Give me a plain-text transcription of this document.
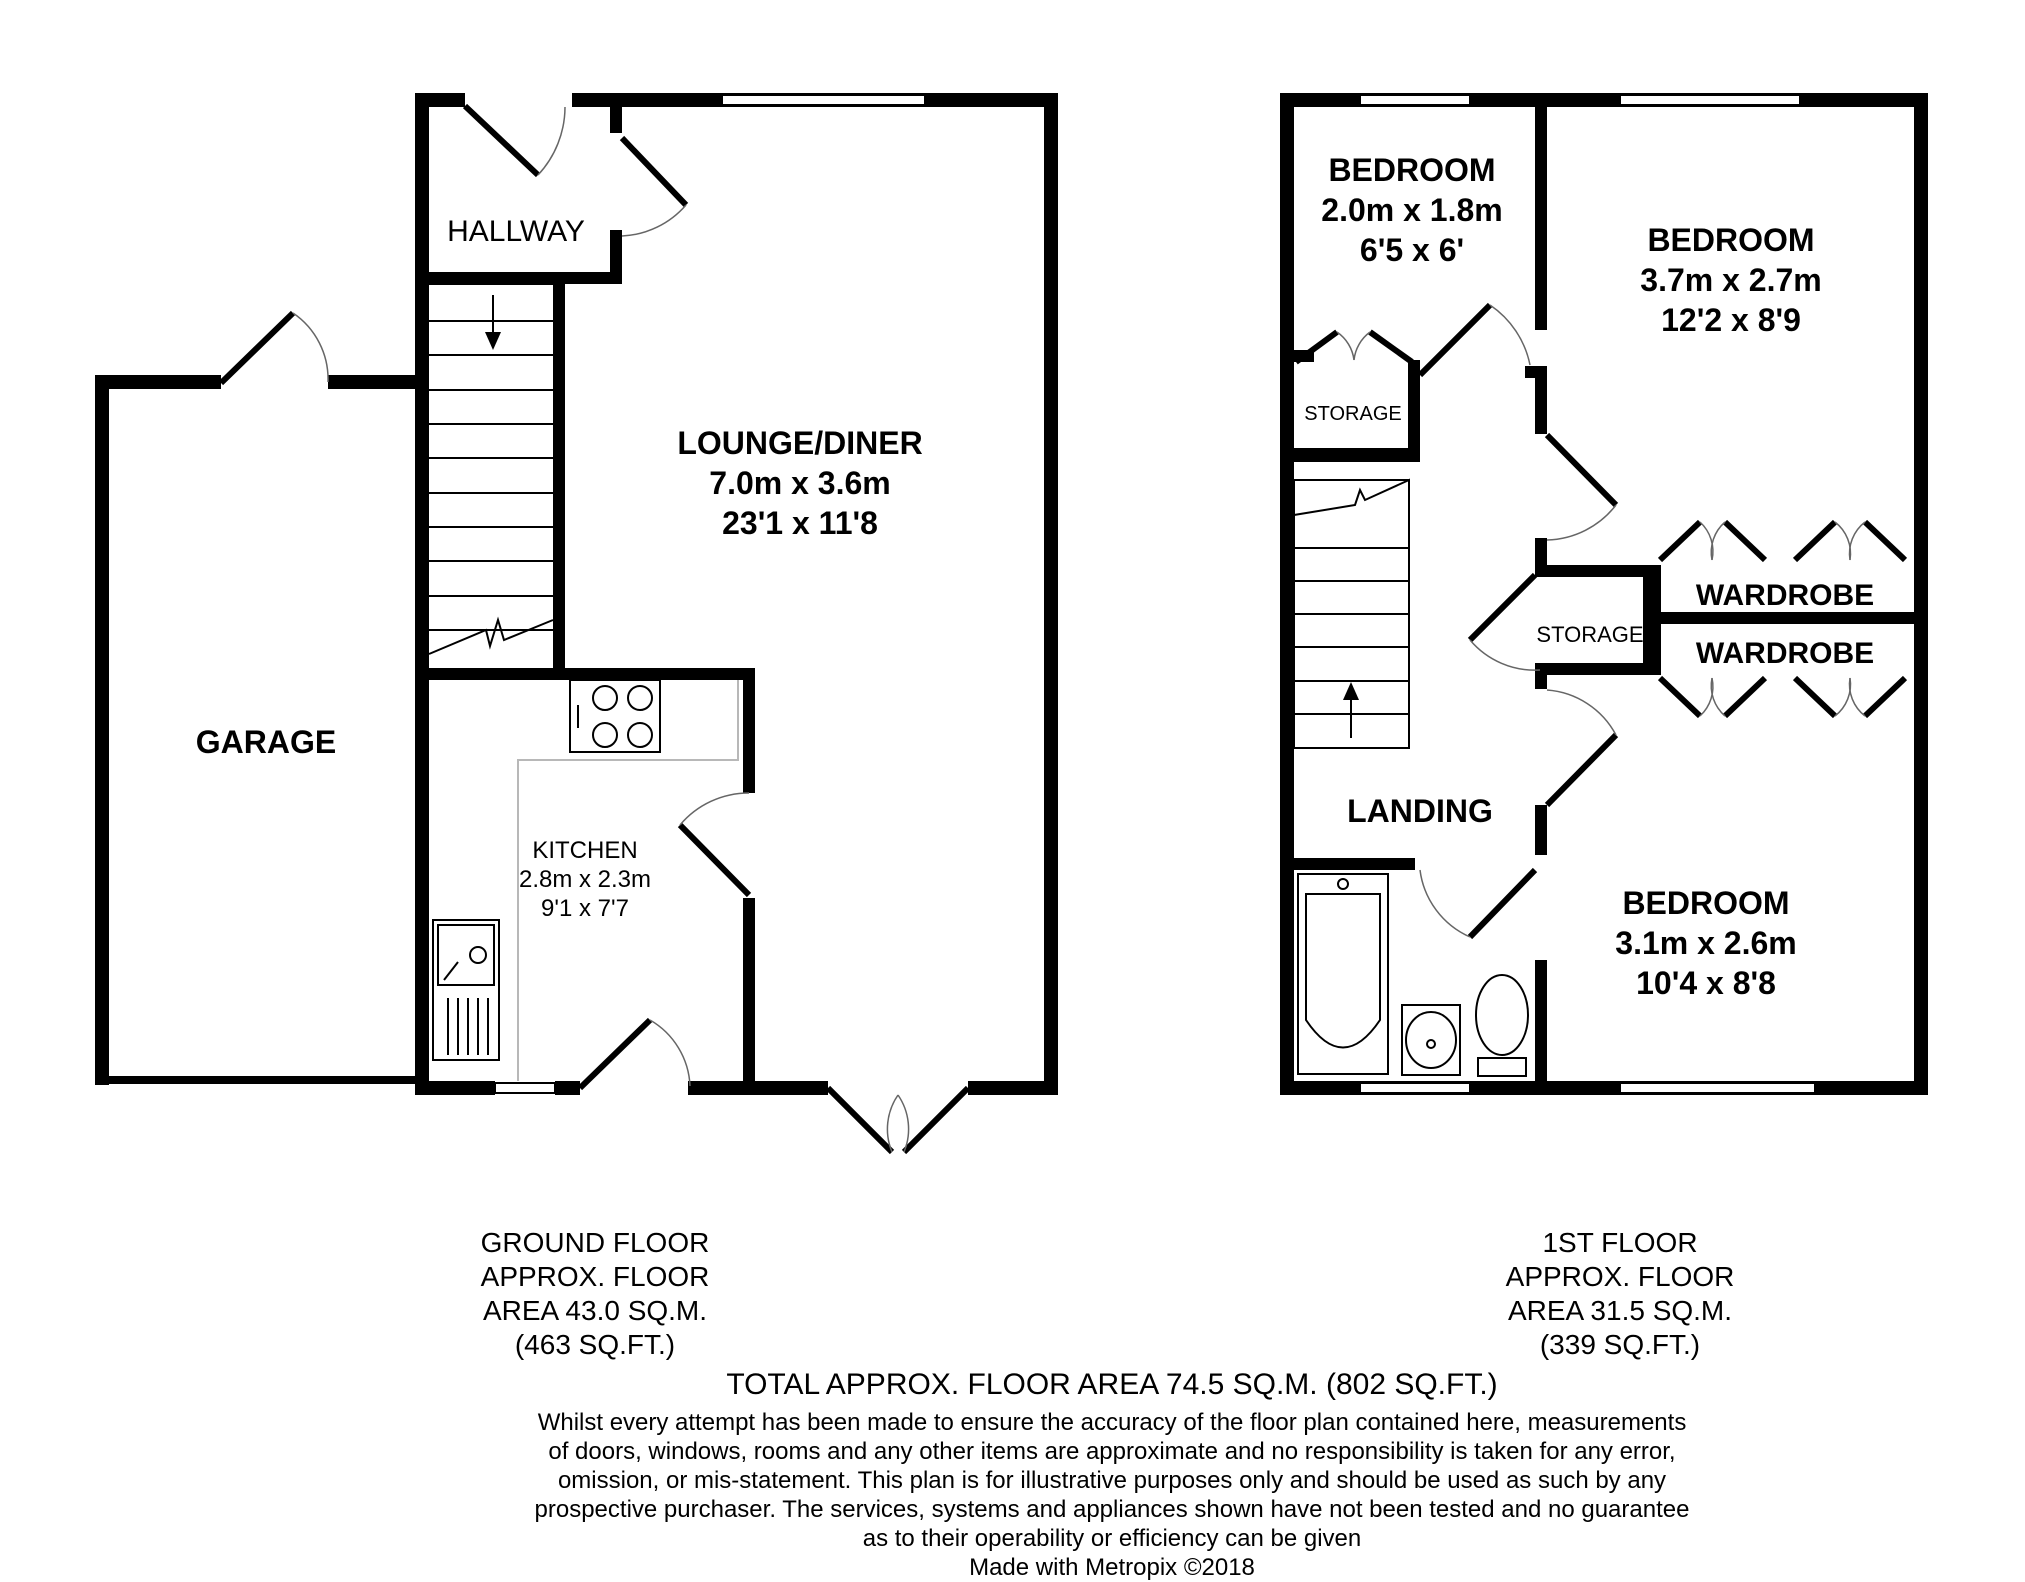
HALLWAY
LOUNGE/DINER
7.0m x 3.6m
23'1 x 11'8
GARAGE
KITCHEN
2.8m x 2.3m
9'1 x 7'7
BEDROOM
2.0m x 1.8m
6'5 x 6'	BEDROOM
3.7m x 2.7m
12'2 x 8'9
STORAGE
STORAGE
WARDROBE
WARDROBE
LANDING
BEDROOM
3.1m x 2.6m
10'4 x 8'8
GROUND FLOOR
APPROX. FLOOR
AREA 43.0 SQ.M.
(463 SQ.FT.)
1ST FLOOR
APPROX. FLOOR
AREA 31.5 SQ.M.
(339 SQ.FT.)
TOTAL APPROX. FLOOR AREA 74.5 SQ.M. (802 SQ.FT.)
Whilst every attempt has been made to ensure the accuracy of the floor plan contained here, measurements
of doors, windows, rooms and any other items are approximate and no responsibility is taken for any error,
omission, or mis-statement. This plan is for illustrative purposes only and should be used as such by any
prospective purchaser. The services, systems and appliances shown have not been tested and no guarantee
as to their operability or efficiency can be given
Made with Metropix ©2018
